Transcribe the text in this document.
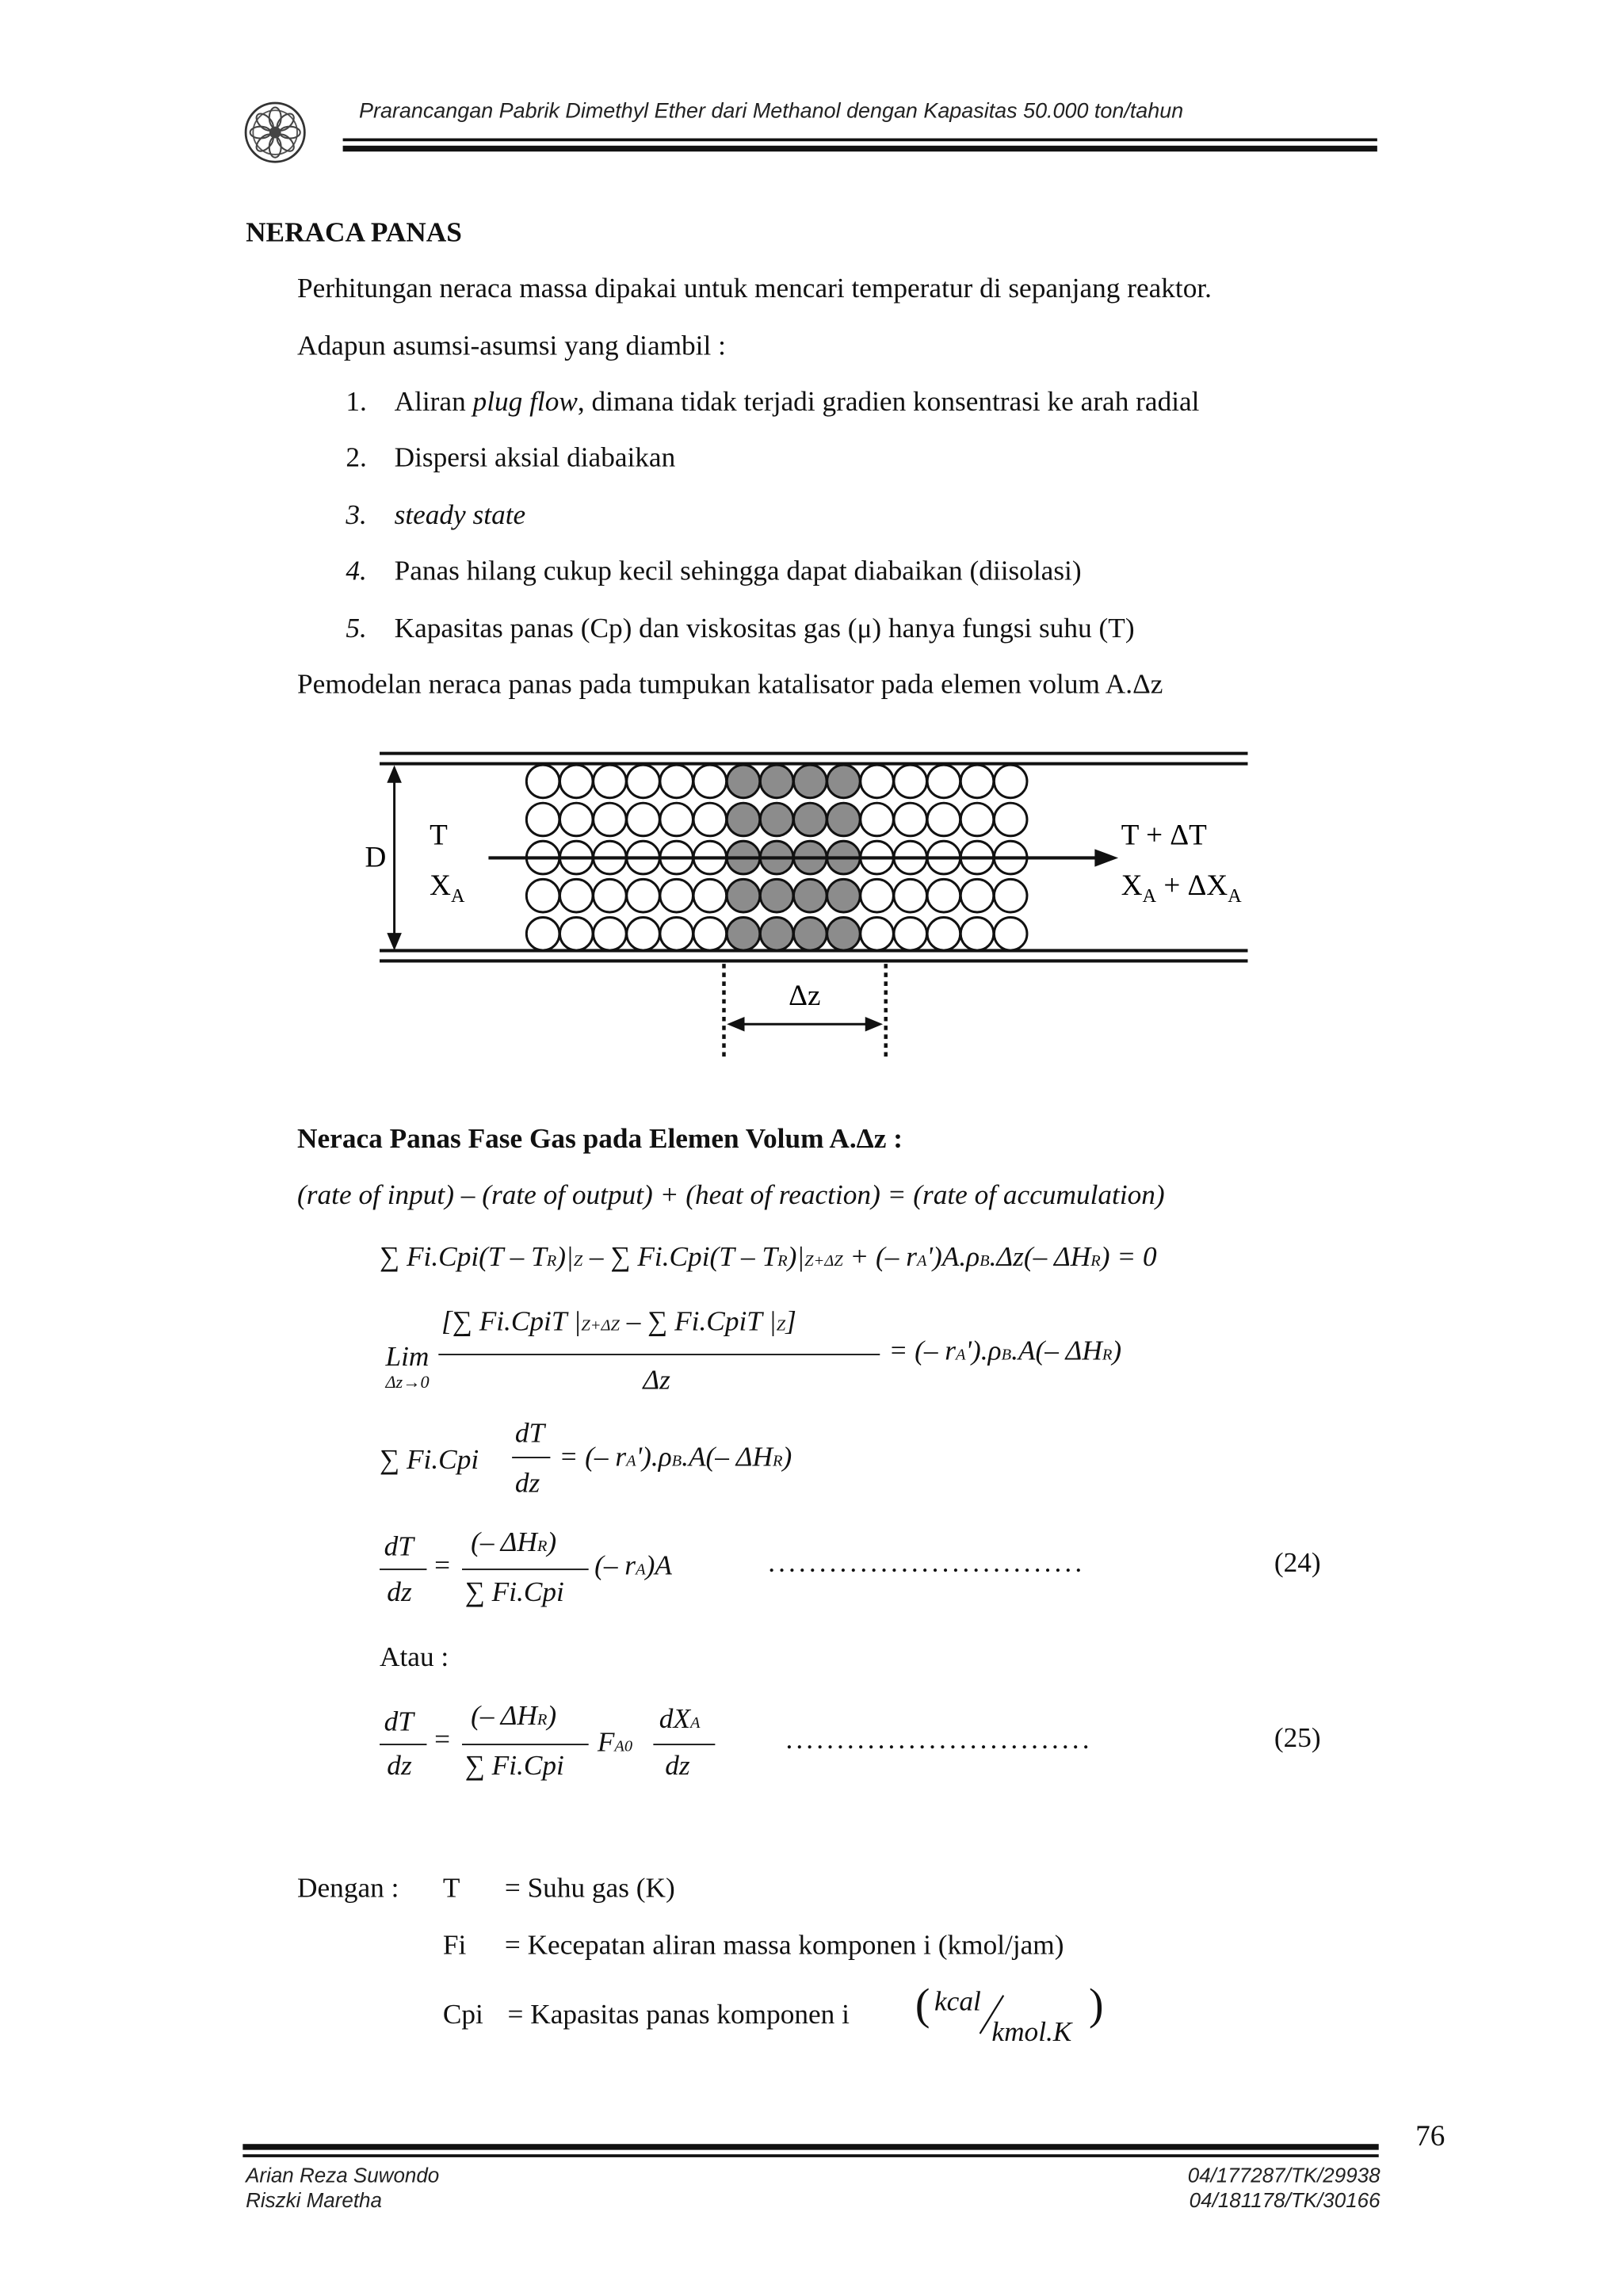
Prarancangan Pabrik Dimethyl Ether dari Methanol dengan Kapasitas 50.000 ton/tahun
NERACA PANAS
Perhitungan neraca massa dipakai untuk mencari temperatur di sepanjang reaktor.
Adapun asumsi-asumsi yang diambil :
1. Aliran plug flow, dimana tidak terjadi gradien konsentrasi ke arah radial
2. Dispersi aksial diabaikan
3. steady state
4. Panas hilang cukup kecil sehingga dapat diabaikan (diisolasi)
5. Kapasitas panas (Cp) dan viskositas gas (μ) hanya fungsi suhu (T)
Pemodelan neraca panas pada tumpukan katalisator pada elemen volum A.Δz
D
T
$X_A$
T + ΔT
$X_A + \Delta X_A$
Δz
Neraca Panas Fase Gas pada Elemen Volum A.Δz :
(rate of input) – (rate of output) + (heat of reaction) = (rate of accumulation)
∑ Fi.Cpi(T – TR)|Z – ∑ Fi.Cpi(T – TR)|Z+ΔZ + (– rA')A.ρB.Δz(– ΔHR) = 0
Lim
Δz→0
[∑ Fi.CpiT |Z+ΔZ – ∑ Fi.CpiT |Z]
Δz
= (– rA').ρB.A(– ΔHR)
∑ Fi.Cpi
dT
dz
= (– rA').ρB.A(– ΔHR)
dT
dz
=
(– ΔHR)
∑ Fi.Cpi
(– rA)A	...............................	(24)
Atau :
dT
dz
=
(– ΔHR)
∑ Fi.Cpi
FA0
dXA
dz
..............................	(25)
Dengan :	T	= Suhu gas (K)
Fi	= Kecepatan aliran massa komponen i (kmol/jam)
Cpi = Kapasitas panas komponen i	( kcal
kmol.K
)
76
Arian Reza Suwondo
Riszki Maretha
04/177287/TK/29938
04/181178/TK/30166
